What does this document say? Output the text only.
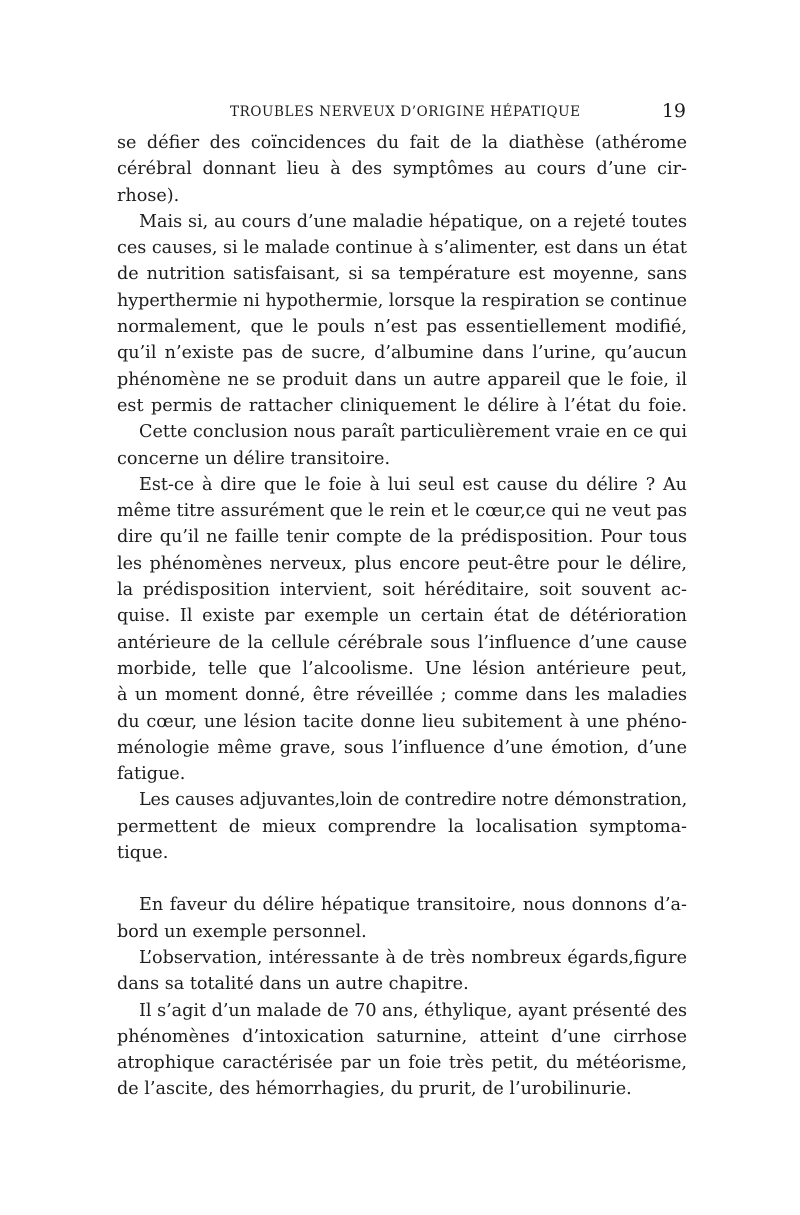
TROUBLES NERVEUX D’ORIGINE HÉPATIQUE	19
se défier des coïncidences du fait de la diathèse (athérome
cérébral donnant lieu à des symptômes au cours d’une cir-
rhose).
Mais si, au cours d’une maladie hépatique, on a rejeté toutes
ces causes, si le malade continue à s’alimenter, est dans un état
de nutrition satisfaisant, si sa température est moyenne, sans
hyperthermie ni hypothermie, lorsque la respiration se continue
normalement, que le pouls n’est pas essentiellement modifié,
qu’il n’existe pas de sucre, d’albumine dans l’urine, qu’aucun
phénomène ne se produit dans un autre appareil que le foie, il
est permis de rattacher cliniquement le délire à l’état du foie.
Cette conclusion nous paraît particulièrement vraie en ce qui
concerne un délire transitoire.
Est-ce à dire que le foie à lui seul est cause du délire ? Au
même titre assurément que le rein et le cœur,ce qui ne veut pas
dire qu’il ne faille tenir compte de la prédisposition. Pour tous
les phénomènes nerveux, plus encore peut-être pour le délire,
la prédisposition intervient, soit héréditaire, soit souvent ac-
quise. Il existe par exemple un certain état de détérioration
antérieure de la cellule cérébrale sous l’influence d’une cause
morbide, telle que l’alcoolisme. Une lésion antérieure peut,
à un moment donné, être réveillée ; comme dans les maladies
du cœur, une lésion tacite donne lieu subitement à une phéno-
ménologie même grave, sous l’influence d’une émotion, d’une
fatigue.
Les causes adjuvantes,loin de contredire notre démonstration,
permettent de mieux comprendre la localisation symptoma-
tique.
En faveur du délire hépatique transitoire, nous donnons d’a-
bord un exemple personnel.
L’observation, intéressante à de très nombreux égards,figure
dans sa totalité dans un autre chapitre.
Il s’agit d’un malade de 70 ans, éthylique, ayant présenté des
phénomènes d’intoxication saturnine, atteint d’une cirrhose
atrophique caractérisée par un foie très petit, du météorisme,
de l’ascite, des hémorrhagies, du prurit, de l’urobilinurie.
